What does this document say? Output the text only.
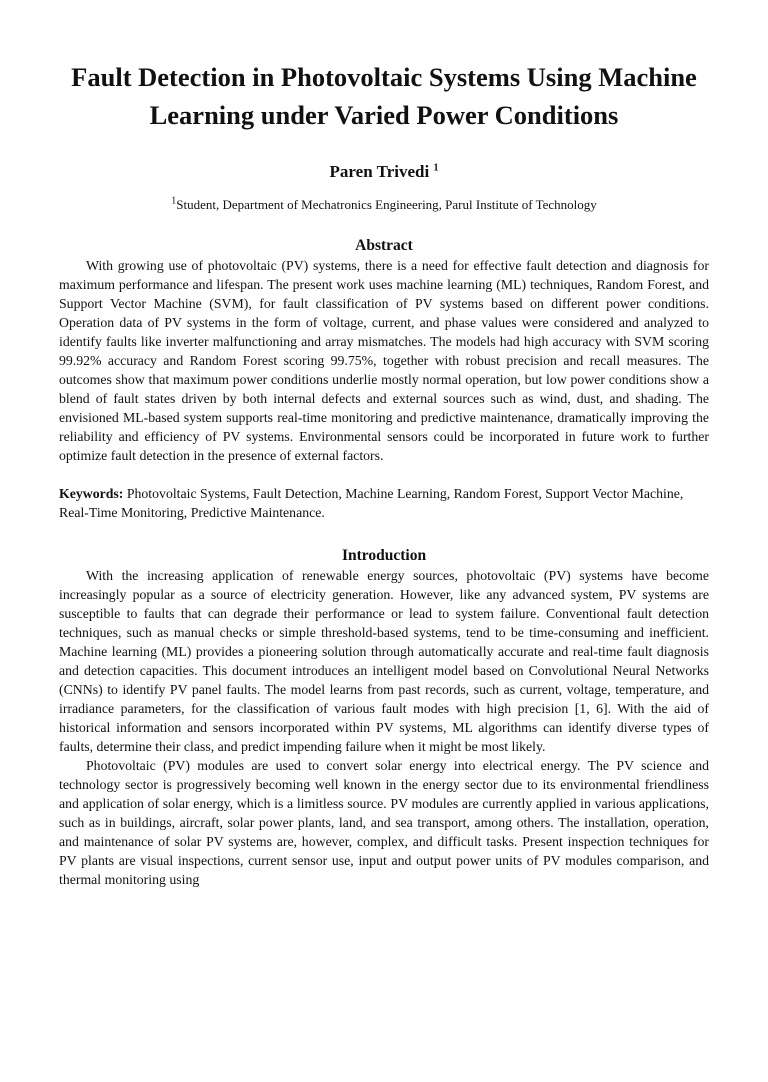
Fault Detection in Photovoltaic Systems Using Machine Learning under Varied Power Conditions
Paren Trivedi $^1$
$^1$Student, Department of Mechatronics Engineering, Parul Institute of Technology
Abstract

With growing use of photovoltaic (PV) systems, there is a need for effective fault detection and diagnosis for maximum performance and lifespan. The present work uses machine learning (ML) techniques, Random Forest, and Support Vector Machine (SVM), for fault classification of PV systems based on different power conditions. Operation data of PV systems in the form of voltage, current, and phase values were considered and analyzed to identify faults like inverter malfunctioning and array mismatches. The models had high accuracy with SVM scoring 99.92% accuracy and Random Forest scoring 99.75%, together with robust precision and recall measures. The outcomes show that maximum power conditions underlie mostly normal operation, but low power conditions show a blend of fault states driven by both internal defects and external sources such as wind, dust, and shading. The envisioned ML-based system supports real-time monitoring and predictive maintenance, dramatically improving the reliability and efficiency of PV systems. Environmental sensors could be incorporated in future work to further optimize fault detection in the presence of external factors.

Keywords: Photovoltaic Systems, Fault Detection, Machine Learning, Random Forest, Support Vector Machine, Real-Time Monitoring, Predictive Maintenance.

Introduction

With the increasing application of renewable energy sources, photovoltaic (PV) systems have become increasingly popular as a source of electricity generation. However, like any advanced system, PV systems are susceptible to faults that can degrade their performance or lead to system failure. Conventional fault detection techniques, such as manual checks or simple threshold-based systems, tend to be time-consuming and inefficient. Machine learning (ML) provides a pioneering solution through automatically accurate and real-time fault diagnosis and detection capacities. This document introduces an intelligent model based on Convolutional Neural Networks (CNNs) to identify PV panel faults. The model learns from past records, such as current, voltage, temperature, and irradiance parameters, for the classification of various fault modes with high precision [1, 6]. With the aid of historical information and sensors incorporated within PV systems, ML algorithms can identify diverse types of faults, determine their class, and predict impending failure when it might be most likely.

Photovoltaic (PV) modules are used to convert solar energy into electrical energy. The PV science and technology sector is progressively becoming well known in the energy sector due to its environmental friendliness and application of solar energy, which is a limitless source. PV modules are currently applied in various applications, such as in buildings, aircraft, solar power plants, land, and sea transport, among others. The installation, operation, and maintenance of solar PV systems are, however, complex, and difficult tasks. Present inspection techniques for PV plants are visual inspections, current sensor use, input and output power units of PV modules comparison, and thermal monitoring using
